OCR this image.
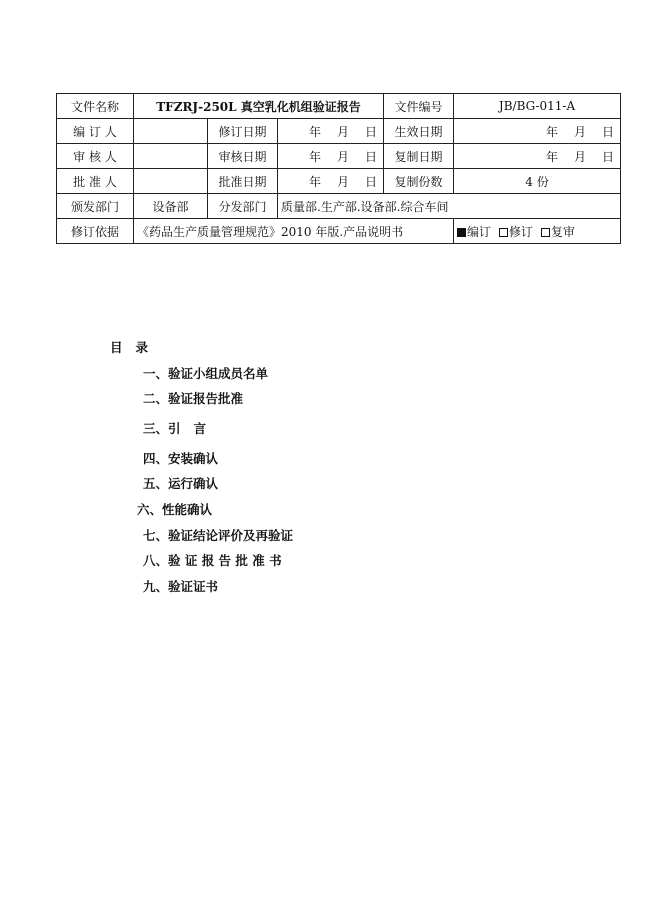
文件名称	TFZRJ-250L 真空乳化机组验证报告			文件编号	JB/BG-011-A
编 订 人		修订日期	年 月 日	生效日期	年 月 日
审 核 人		审核日期	年 月 日	复制日期	年 月 日
批 准 人		批准日期	年 月 日	复制份数	4 份
颁发部门	设备部	分发部门	质量部.生产部.设备部.综合车间		
修订依据	《药品生产质量管理规范》2010 年版.产品说明书				编订 修订 复审
目   录
一、验证小组成员名单
二、验证报告批准
三、引   言
四、安装确认
五、运行确认
六、性能确认
七、验证结论评价及再验证
八、验 证 报 告 批 准 书
九、验证证书
